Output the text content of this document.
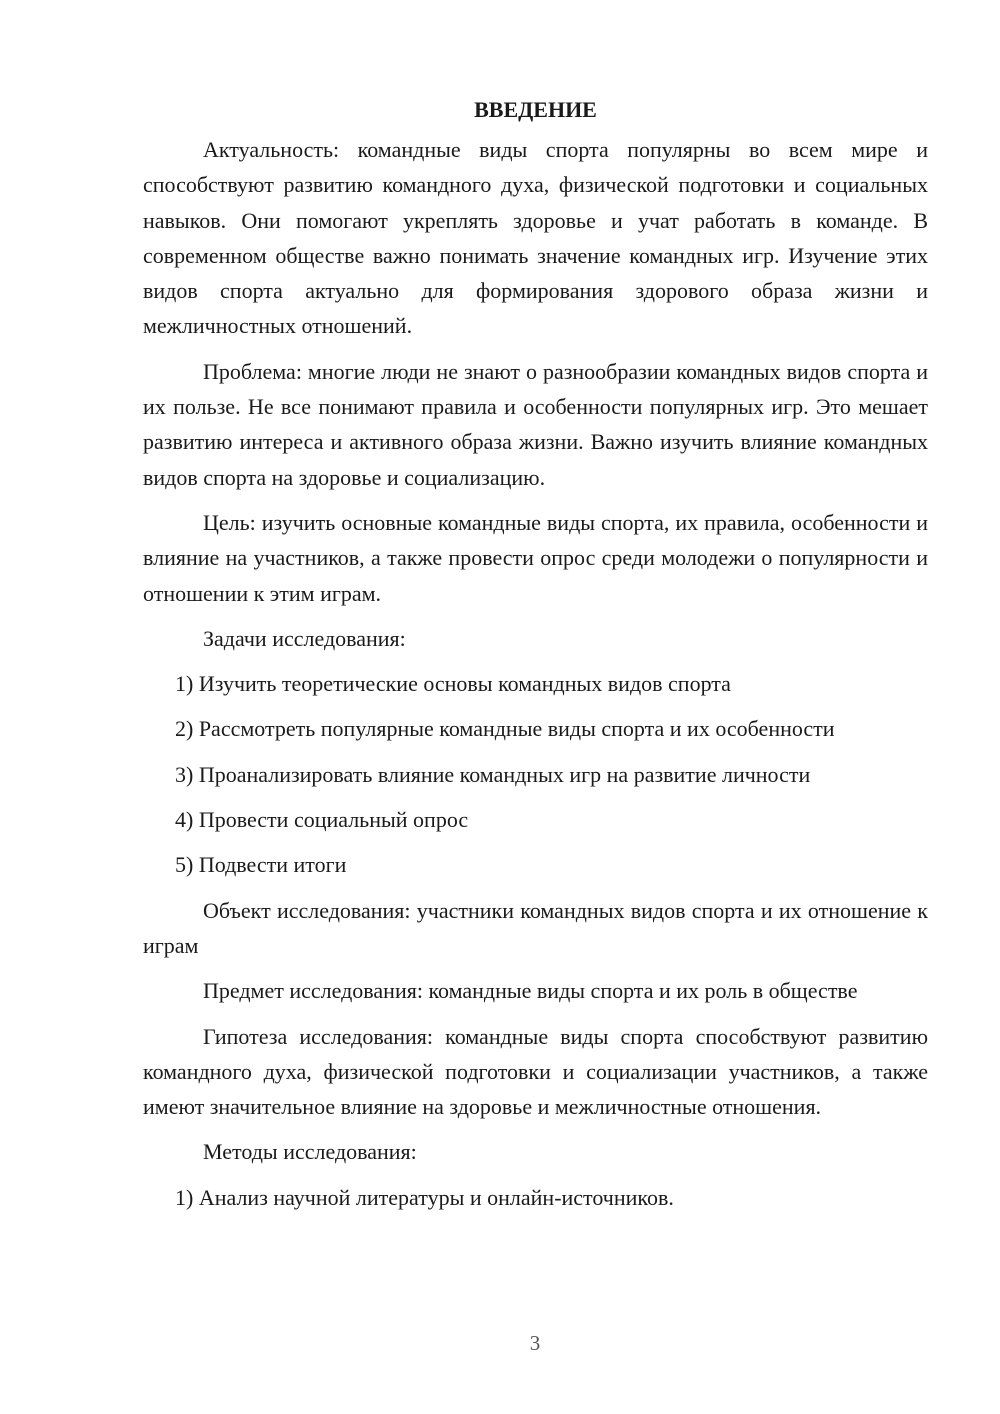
ВВЕДЕНИЕ

Актуальность: командные виды спорта популярны во всем мире и способствуют развитию командного духа, физической подготовки и социальных навыков. Они помогают укреплять здоровье и учат работать в команде. В современном обществе важно понимать значение командных игр. Изучение этих видов спорта актуально для формирования здорового образа жизни и межличностных отношений.

Проблема: многие люди не знают о разнообразии командных видов спорта и их пользе. Не все понимают правила и особенности популярных игр. Это мешает развитию интереса и активного образа жизни. Важно изучить влияние командных видов спорта на здоровье и социализацию.

Цель: изучить основные командные виды спорта, их правила, особенности и влияние на участников, а также провести опрос среди молодежи о популярности и отношении к этим играм.

Задачи исследования:

1) Изучить теоретические основы командных видов спорта
2) Рассмотреть популярные командные виды спорта и их особенности
3) Проанализировать влияние командных игр на развитие личности
4) Провести социальный опрос
5) Подвести итоги

Объект исследования: участники командных видов спорта и их отношение к играм

Предмет исследования: командные виды спорта и их роль в обществе

Гипотеза исследования: командные виды спорта способствуют развитию командного духа, физической подготовки и социализации участников, а также имеют значительное влияние на здоровье и межличностные отношения.

Методы исследования:

1) Анализ научной литературы и онлайн-источников.
3
